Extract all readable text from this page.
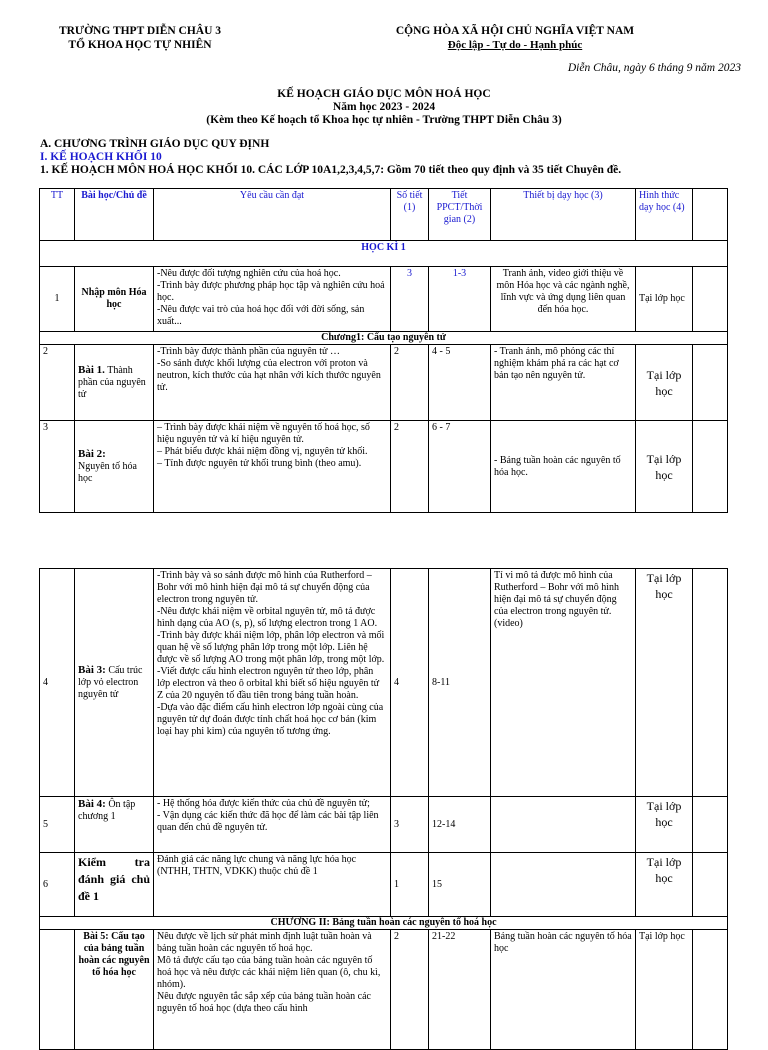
TRƯỜNG THPT DIỄN CHÂU 3
TỔ KHOA HỌC TỰ NHIÊN
CỘNG HÒA XÃ HỘI CHỦ NGHĨA VIỆT NAM
Độc lập - Tự do - Hạnh phúc
Diễn Châu, ngày 6 tháng 9 năm 2023
KẾ HOẠCH GIÁO DỤC MÔN HOÁ HỌC
Năm học 2023 - 2024
(Kèm theo Kế hoạch tổ Khoa học tự nhiên - Trường THPT Diễn Châu 3)
A. CHƯƠNG TRÌNH GIÁO DỤC QUY ĐỊNH
I. KẾ HOẠCH KHỐI 10
1. KẾ HOẠCH MÔN HOÁ HỌC KHỐI 10. CÁC LỚP 10A1,2,3,4,5,7: Gồm 70 tiết theo quy định và 35 tiết Chuyên đề.
TT	Bài học/Chủ đề	Yêu cầu cần đạt	Số tiết (1)	Tiết PPCT/Thời gian (2)	Thiết bị dạy học (3)	Hình thức dạy học (4)	
HỌC KÌ 1							
1	Nhập môn Hóa học	-Nêu được đối tượng nghiên cứu của hoá học.
-Trình bày được phương pháp học tập và nghiên cứu hoá học.
-Nêu được vai trò của hoá học đối với đời sống, sản xuất...	3	1-3	Tranh ảnh, video giới thiệu về môn Hóa học và các ngành nghề, lĩnh vực và ứng dụng liên quan đến hóa học.	Tại lớp học	
Chương1: Cấu tạo nguyên tử							
2	Bài 1. Thành phần của nguyên tử	-Trình bày được thành phần của nguyên tử …
-So sánh được khối lượng của electron với proton và neutron, kích thước của hạt nhân với kích thước nguyên tử.	2	4 - 5	- Tranh ảnh, mô phỏng các thí nghiệm khám phá ra các hạt cơ bản tạo nên nguyên tử.	Tại lớp học	
3	Bài 2:
Nguyên tố hóa học	– Trình bày được khái niệm về nguyên tố hoá học, số hiệu nguyên tử và kí hiệu nguyên tử.
– Phát biểu được khái niệm đồng vị, nguyên tử khối.
– Tính được nguyên tử khối trung bình (theo amu).	2	6 - 7	- Bảng tuần hoàn các nguyên tố hóa học.	Tại lớp học	
4	Bài 3: Cấu trúc lớp vỏ electron nguyên tử	-Trình bày và so sánh được mô hình của Rutherford – Bohr với mô hình hiện đại mô tả sự chuyển động của electron trong nguyên tử.
-Nêu được khái niệm về orbital nguyên tử, mô tả được hình dạng của AO (s, p), số lượng electron trong 1 AO.
-Trình bày được khái niệm lớp, phân lớp electron và mối quan hệ về số lượng phân lớp trong một lớp. Liên hệ được về số lượng AO trong một phân lớp, trong một lớp.
-Viết được cấu hình electron nguyên tử theo lớp, phân lớp electron và theo ô orbital khi biết số hiệu nguyên tử Z của 20 nguyên tố đầu tiên trong bảng tuần hoàn.
-Dựa vào đặc điểm cấu hình electron lớp ngoài cùng của nguyên tử dự đoán được tính chất hoá học cơ bản (kim loại hay phi kim) của nguyên tố tương ứng.	4	8-11	Tỉ vi mô tả được mô hình của Rutherford – Bohr với mô hình hiện đại mô tả sự chuyển động của electron trong nguyên tử.(video)	Tại lớp học	
5	Bài 4: Ôn tập chương 1	- Hệ thống hóa được kiến thức của chủ đề nguyên tử;
- Vận dụng các kiến thức đã học để làm các bài tập liên quan đến chủ đề nguyên tử.	3	12-14		Tại lớp học	
6	Kiểm tra đánh giá chủ đề 1	Đánh giá các năng lực chung và năng lực hóa học (NTHH, THTN, VDKK) thuộc chủ đề 1	1	15		Tại lớp học	
CHƯƠNG II: Bảng tuần hoàn các nguyên tố hoá học							
	Bài 5: Cấu tạo của bảng tuần hoàn các nguyên tố hóa học	Nêu được về lịch sử phát minh định luật tuần hoàn và bảng tuần hoàn các nguyên tố hoá học.
Mô tả được cấu tạo của bảng tuần hoàn các nguyên tố hoá học và nêu được các khái niệm liên quan (ô, chu kì, nhóm).
Nêu được nguyên tắc sắp xếp của bảng tuần hoàn các nguyên tố hoá học (dựa theo cấu hình	2	21-22	Bảng tuần hoàn các nguyên tố hóa học	Tại lớp học	
